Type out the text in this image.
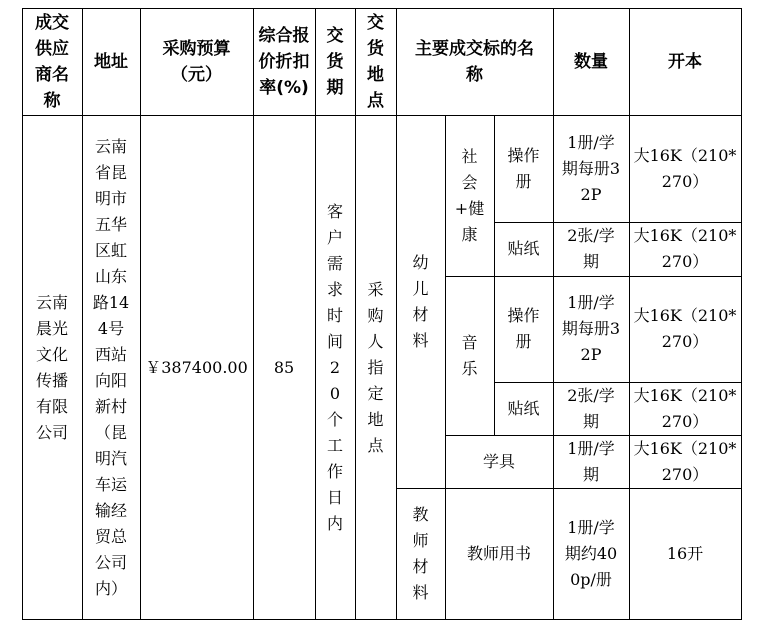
成交供应商名称
地址
采购预算（元）
综合报价折扣率(%)
交货期
交货地点
主要成交标的名称
数量	开本
云南晨光文化传播有限公司
云南省昆明市五华区虹山东路144号西站向阳新村（昆明汽车运输经贸总公司内）
￥387400.00	85
客户需求时间20个工作日内
采购人指定地点
幼儿材料
教师材料
社会+健康
音乐
操作册
贴纸
操作册
贴纸
学具
教师用书
1册/学期每册32P
2张/学期
1册/学期每册32P
2张/学期
1册/学期
1册/学期约400p/册
大16K（210*270）
大16K（210*270）
大16K（210*270）
大16K（210*270）
大16K（210*270）
16开
